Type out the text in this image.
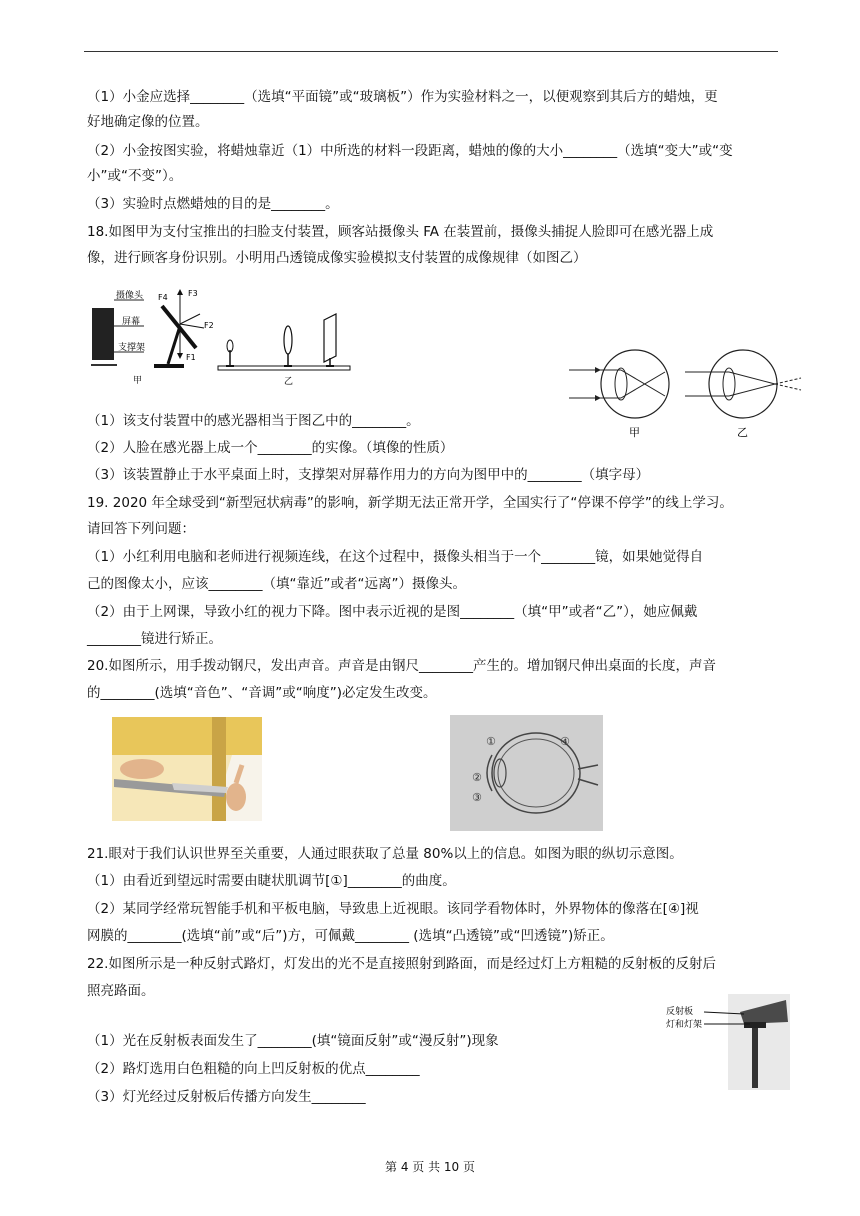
（1）小金应选择________（选填“平面镜”或“玻璃板”）作为实验材料之一，以便观察到其后方的蜡烛，更
好地确定像的位置。
（2）小金按图实验，将蜡烛靠近（1）中所选的材料一段距离，蜡烛的像的大小________（选填“变大”或“变
小”或“不变”）。
（3）实验时点燃蜡烛的目的是________。
18.如图甲为支付宝推出的扫脸支付装置，顾客站摄像头 FA 在装置前，摄像头捕捉人脸即可在感光器上成
像，进行顾客身份识别。小明用凸透镜成像实验模拟支付装置的成像规律（如图乙）
摄像头
屏幕
支撑架
F4	F3
F2
F1
甲	乙
甲	乙
（1）该支付装置中的感光器相当于图乙中的________。
（2）人脸在感光器上成一个________的实像。（填像的性质）
（3）该装置静止于水平桌面上时，支撑架对屏幕作用力的方向为图甲中的________（填字母）
19. 2020 年全球受到“新型冠状病毒”的影响，新学期无法正常开学，全国实行了“停课不停学”的线上学习。
请回答下列问题：
（1）小红利用电脑和老师进行视频连线，在这个过程中，摄像头相当于一个________镜，如果她觉得自
己的图像太小，应该________（填“靠近”或者“远离”）摄像头。
（2）由于上网课，导致小红的视力下降。图中表示近视的是图________（填“甲”或者“乙”），她应佩戴
________镜进行矫正。
20.如图所示，用手拨动钢尺，发出声音。声音是由钢尺________产生的。增加钢尺伸出桌面的长度，声音
的________(选填“音色”、“音调”或“响度”)必定发生改变。
①
②
③
④
21.眼对于我们认识世界至关重要，人通过眼获取了总量 80%以上的信息。如图为眼的纵切示意图。
（1）由看近到望远时需要由睫状肌调节[①]________的曲度。
（2）某同学经常玩智能手机和平板电脑，导致患上近视眼。该同学看物体时，外界物体的像落在[④]视
网膜的________(选填“前”或“后”)方，可佩戴________ (选填“凸透镜”或“凹透镜”)矫正。
22.如图所示是一种反射式路灯，灯发出的光不是直接照射到路面，而是经过灯上方粗糙的反射板的反射后
照亮路面。
（1）光在反射板表面发生了________(填“镜面反射”或“漫反射”)现象
（2）路灯选用白色粗糙的向上凹反射板的优点________
（3）灯光经过反射板后传播方向发生________
反射板
灯和灯架
第 4 页 共 10 页
